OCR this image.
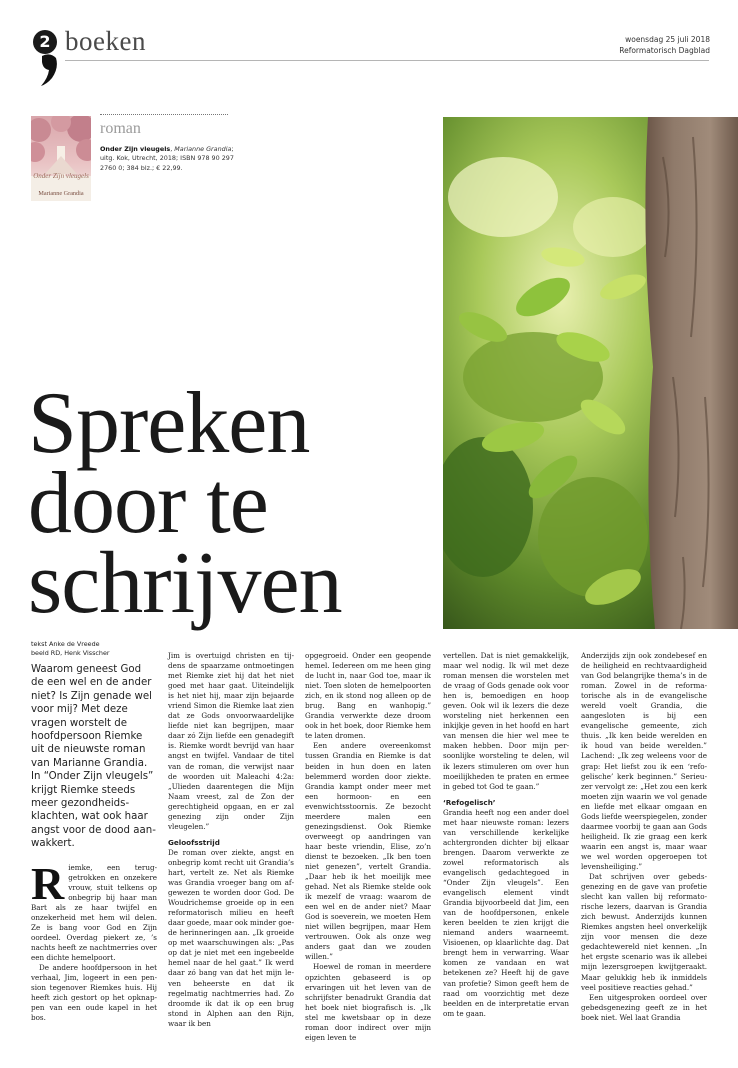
2 boeken	woensdag 25 juli 2018
Reformatorisch Dagblad
Onder Zijn vleugels
Marianne Grandia
roman
Onder Zijn vleugels, Marianne Grandia; uitg. Kok, Utrecht, 2018; ISBN 978 90 297 2760 0; 384 blz.; € 22,99.
Spreken
door te
schrijven
tekst Anke de Vreede
beeld RD, Henk Visscher
Waarom geneest God de een wel en de ander niet? Is Zijn genade wel voor mij? Met deze vragen worstelt de hoofdpersoon Riemke uit de nieuwste roman van Marianne Grandia. In “Onder Zijn vleugels” krijgt Riemke steeds meer gezondheidsklachten, wat ook haar angst voor de dood aanwakkert.

Riemke, een teruggetrokken en onzekere vrouw, stuit telkens op onbegrip bij haar man Bart als ze haar twijfel en onzekerheid met hem wil delen. Ze is bang voor God en Zijn oordeel. Overdag piekert ze, ’s nachts heeft ze nachtmerries over een dichte hemelpoort.

De andere hoofdpersoon in het verhaal, Jim, logeert in een pension tegenover Riemkes huis. Hij heeft zich gestort op het opknappen van een oude kapel in het bos.

Jim is overtuigd christen en tijdens de spaarzame ontmoetingen met Riemke ziet hij dat het niet goed met haar gaat. Uiteindelijk is het niet hij, maar zijn bejaarde vriend Simon die Riemke laat zien dat ze Gods onvoorwaardelijke liefde niet kan begrijpen, maar daar zó Zijn liefde een genadegift is. Riemke wordt bevrijd van haar angst en twijfel. Vandaar de titel van de roman, die verwijst naar de woorden uit Maleachi 4:2a: „Ulieden daarentegen die Mijn Naam vreest, zal de Zon der gerechtigheid opgaan, en er zal genezing zijn onder Zijn vleugelen.”

Geloofsstrijd

De roman over ziekte, angst en onbegrip komt recht uit Grandia’s hart, vertelt ze. Net als Riemke was Grandia vroeger bang om afgewezen te worden door God. De Woudrichemse groeide op in een reformatorisch milieu en heeft daar goede, maar ook minder goede herinneringen aan. „Ik groeide op met waarschuwingen als: „Pas op dat je niet met een ingebeelde hemel naar de hel gaat.” Ik werd daar zó bang van dat het mijn leven beheerste en dat ik regelmatig nachtmerries had. Zo droomde ik dat ik op een brug stond in Alphen aan den Rijn, waar ik ben

opgegroeid. Onder een geopende hemel. Iedereen om me heen ging de lucht in, naar God toe, maar ik niet. Toen sloten de hemelpoorten zich, en ik stond nog alleen op de brug. Bang en wanhopig.” Grandia verwerkte deze droom ook in het boek, door Riemke hem te laten dromen.

Een andere overeenkomst tussen Grandia en Riemke is dat beiden in hun doen en laten belemmerd worden door ziekte. Grandia kampt onder meer met een hormoon- en een evenwichtsstoornis. Ze bezocht meerdere malen een genezingsdienst. Ook Riemke overweegt op aandringen van haar beste vriendin, Elise, zo’n dienst te bezoeken. „Ik ben toen niet genezen”, vertelt Grandia. „Daar heb ik het moeilijk mee gehad. Net als Riemke stelde ook ik mezelf de vraag: waarom de een wel en de ander niet? Maar God is soeverein, we moeten Hem niet willen begrijpen, maar Hem vertrouwen. Ook als onze weg anders gaat dan we zouden willen.”

Hoewel de roman in meerdere opzichten gebaseerd is op ervaringen uit het leven van de schrijfster benadrukt Grandia dat het boek niet biografisch is. „Ik stel me kwetsbaar op in deze roman door indirect over mijn eigen leven te

vertellen. Dat is niet gemakkelijk, maar wel nodig. Ik wil met deze roman mensen die worstelen met de vraag of Gods genade ook voor hen is, bemoedigen en hoop geven. Ook wil ik lezers die deze worsteling niet herkennen een inkijkje geven in het hoofd en hart van mensen die hier wel mee te maken hebben. Door mijn persoonlijke worsteling te delen, wil ik lezers stimuleren om over hun moeilijkheden te praten en ermee in gebed tot God te gaan.”

‘Refogelisch’

Grandia heeft nog een ander doel met haar nieuwste roman: lezers van verschillende kerkelijke achtergronden dichter bij elkaar brengen. Daarom verwerkte ze zowel reformatorisch als evangelisch gedachtegoed in “Onder Zijn vleugels”. Een evangelisch element vindt Grandia bijvoorbeeld dat Jim, een van de hoofdpersonen, enkele keren beelden te zien krijgt die niemand anders waarneemt. Visioenen, op klaarlichte dag. Dat brengt hem in verwarring. Waar komen ze vandaan en wat betekenen ze? Heeft hij de gave van profetie? Simon geeft hem de raad om voorzichtig met deze beelden en de interpretatie ervan om te gaan.

Anderzijds zijn ook zondebesef en de heiligheid en rechtvaardigheid van God belangrijke thema’s in de roman. Zowel in de reformatorische als in de evangelische wereld voelt Grandia, die aangesloten is bij een evangelische gemeente, zich thuis. „Ik ken beide werelden en ik houd van beide werelden.” Lachend: „Ik zeg weleens voor de grap: Het liefst zou ik een ‘refogelische’ kerk beginnen.” Serieuzer vervolgt ze: „Het zou een kerk moeten zijn waarin we vol genade en liefde met elkaar omgaan en Gods liefde weerspiegelen, zonder daarmee voorbij te gaan aan Gods heiligheid. Ik zie graag een kerk waarin een angst is, maar waar we wel worden opgeroepen tot levensheiliging.”

Dat schrijven over gebedsgenezing en de gave van profetie slecht kan vallen bij reformatorische lezers, daarvan is Grandia zich bewust. Anderzijds kunnen Riemkes angsten heel onverkelijk zijn voor mensen die deze gedachtewereld niet kennen. „In het ergste scenario was ik allebei mijn lezersgroepen kwijtgeraakt. Maar gelukkig heb ik inmiddels veel positieve reacties gehad.”

Een uitgesproken oordeel over gebedsgenezing geeft ze in het boek niet. Wel laat Grandia
